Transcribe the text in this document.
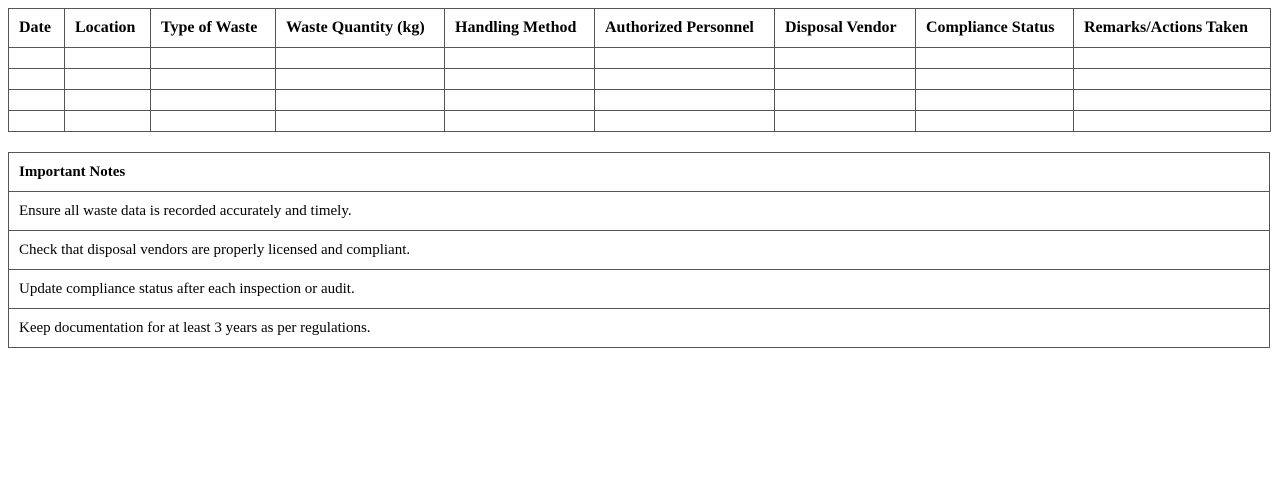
Date	Location	Type of Waste	Waste Quantity (kg)	Handling Method	Authorized Personnel	Disposal Vendor	Compliance Status	Remarks/Actions Taken

Important Notes
Ensure all waste data is recorded accurately and timely.
Check that disposal vendors are properly licensed and compliant.
Update compliance status after each inspection or audit.
Keep documentation for at least 3 years as per regulations.
